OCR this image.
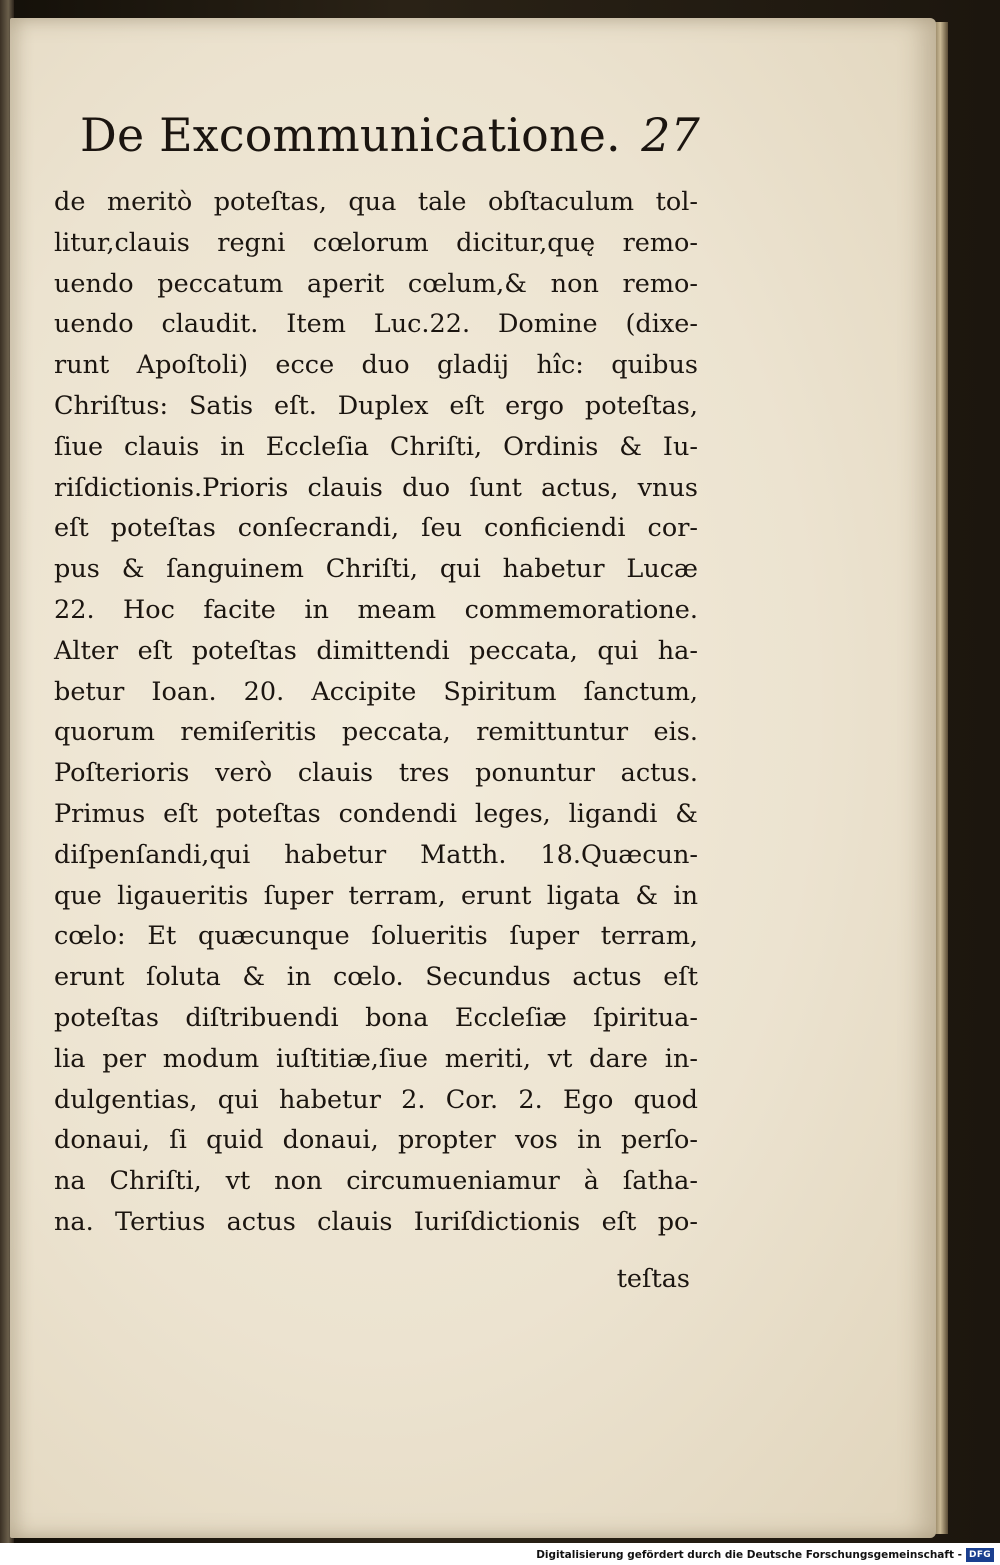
De Excommunicatione. 27
de meritò poteſtas, qua tale obſtaculum tol-
litur,clauis regni cœlorum dicitur,quę remo-
uendo peccatum aperit cœlum,& non remo-
uendo claudit. Item Luc.22. Domine (dixe-
runt Apoſtoli) ecce duo gladij hîc: quibus
Chriſtus: Satis eſt. Duplex eſt ergo poteſtas,
ſiue clauis in Eccleſia Chriſti, Ordinis & Iu-
riſdictionis.Prioris clauis duo ſunt actus, vnus
eſt poteſtas conſecrandi, ſeu conficiendi cor-
pus & ſanguinem Chriſti, qui habetur Lucæ
22. Hoc facite in meam commemoratione.
Alter eſt poteſtas dimittendi peccata, qui ha-
betur Ioan. 20. Accipite Spiritum ſanctum,
quorum remiſeritis peccata, remittuntur eis.
Poſterioris verò clauis tres ponuntur actus.
Primus eſt poteſtas condendi leges, ligandi &
diſpenſandi,qui habetur Matth. 18.Quæcun-
que ligaueritis ſuper terram, erunt ligata & in
cœlo: Et quæcunque ſolueritis ſuper terram,
erunt ſoluta & in cœlo. Secundus actus eſt
poteſtas diſtribuendi bona Eccleſiæ ſpiritua-
lia per modum iuſtitiæ,ſiue meriti, vt dare in-
dulgentias, qui habetur 2. Cor. 2. Ego quod
donaui, ſi quid donaui, propter vos in perſo-
na Chriſti, vt non circumueniamur à ſatha-
na. Tertius actus clauis Iuriſdictionis eſt po-
teſtas
Digitalisierung gefördert durch die Deutsche Forschungsgemeinschaft - DFG
